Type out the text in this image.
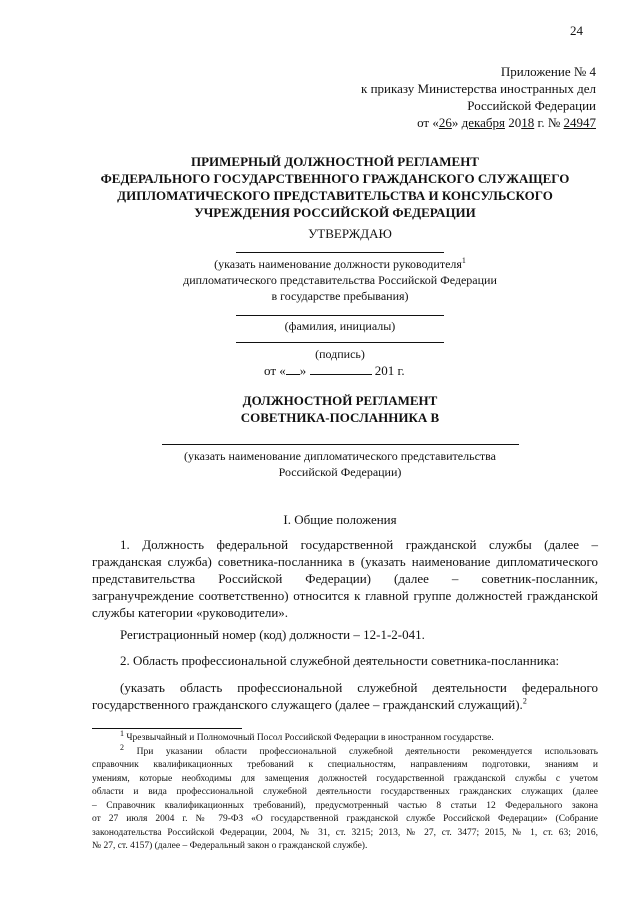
24
Приложение № 4
к приказу Министерства иностранных дел
Российской Федерации
от «26» декабря 2018 г. № 24947
ПРИМЕРНЫЙ ДОЛЖНОСТНОЙ РЕГЛАМЕНТ
ФЕДЕРАЛЬНОГО ГОСУДАРСТВЕННОГО ГРАЖДАНСКОГО СЛУЖАЩЕГО
ДИПЛОМАТИЧЕСКОГО ПРЕДСТАВИТЕЛЬСТВА И КОНСУЛЬСКОГО
УЧРЕЖДЕНИЯ РОССИЙСКОЙ ФЕДЕРАЦИИ
УТВЕРЖДАЮ
(указать наименование должности руководителя$^1$
дипломатического представительства Российской Федерации
в государстве пребывания)
(фамилия, инициалы)
(подпись)
от « »	201 г.
ДОЛЖНОСТНОЙ РЕГЛАМЕНТ
СОВЕТНИКА-ПОСЛАННИКА В
(указать наименование дипломатического представительства
Российской Федерации)
I. Общие положения
1. Должность федеральной государственной гражданской службы (далее –
гражданская служба) советника-посланника в (указать наименование дипломатического
представительства Российской Федерации) (далее – советник-посланник,
загранучреждение соответственно) относится к главной группе должностей гражданской
службы категории «руководители».
Регистрационный номер (код) должности – 12-1-2-041.
2. Область профессиональной служебной деятельности советника-посланника:
(указать область профессиональной служебной деятельности федерального
государственного гражданского служащего (далее – гражданский служащий).$^2$
$^1$ Чрезвычайный и Полномочный Посол Российской Федерации в иностранном государстве.
$^2$ При указании области профессиональной служебной деятельности рекомендуется использовать
справочник квалификационных требований к специальностям, направлениям подготовки, знаниям и
умениям, которые необходимы для замещения должностей государственной гражданской службы с учетом
области и вида профессиональной служебной деятельности государственных гражданских служащих (далее
– Справочник квалификационных требований), предусмотренный частью 8 статьи 12 Федерального закона
от 27 июля 2004 г. № 79-ФЗ «О государственной гражданской службе Российской Федерации» (Собрание
законодательства Российской Федерации, 2004, № 31, ст. 3215; 2013, № 27, ст. 3477; 2015, № 1, ст. 63; 2016,
№ 27, ст. 4157) (далее – Федеральный закон о гражданской службе).
